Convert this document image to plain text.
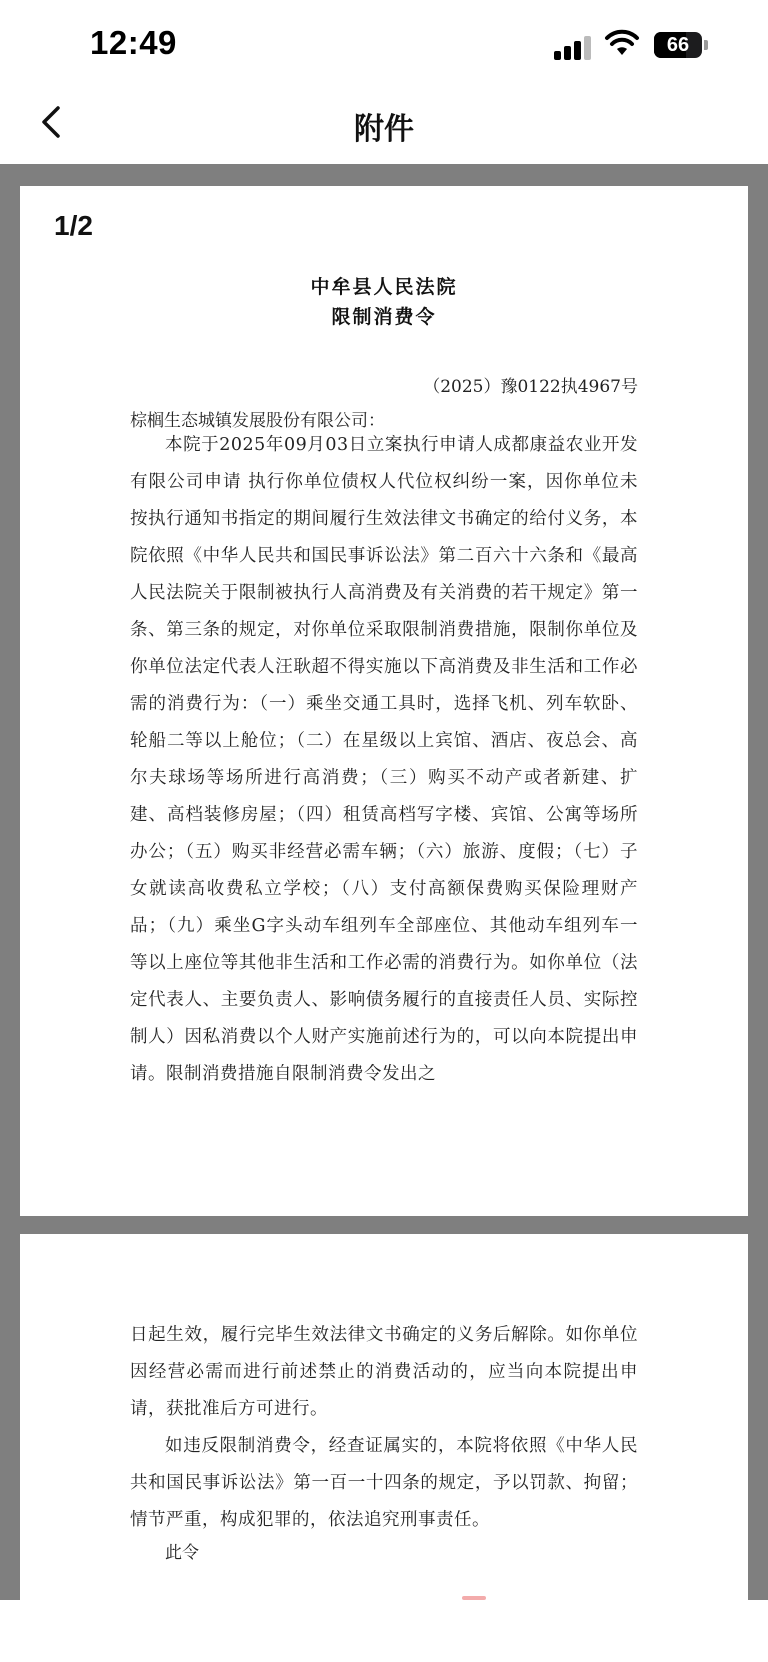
12:49	66
附件
1/2
中牟县人民法院
限制消费令
（2025）豫0122执4967号
棕榈生态城镇发展股份有限公司：

本院于2025年09月03日立案执行申请人成都康益农业开发有限公司申请 执行你单位债权人代位权纠纷一案，因你单位未按执行通知书指定的期间履行生效法律文书确定的给付义务，本院依照《中华人民共和国民事诉讼法》第二百六十六条和《最高人民法院关于限制被执行人高消费及有关消费的若干规定》第一条、第三条的规定，对你单位采取限制消费措施，限制你单位及你单位法定代表人汪耿超不得实施以下高消费及非生活和工作必需的消费行为：（一）乘坐交通工具时，选择飞机、列车软卧、轮船二等以上舱位；（二）在星级以上宾馆、酒店、夜总会、高尔夫球场等场所进行高消费；（三）购买不动产或者新建、扩建、高档装修房屋；（四）租赁高档写字楼、宾馆、公寓等场所办公；（五）购买非经营必需车辆；（六）旅游、度假；（七）子女就读高收费私立学校；（八）支付高额保费购买保险理财产品；（九）乘坐G字头动车组列车全部座位、其他动车组列车一等以上座位等其他非生活和工作必需的消费行为。如你单位（法定代表人、主要负责人、影响债务履行的直接责任人员、实际控制人）因私消费以个人财产实施前述行为的，可以向本院提出申请。限制消费措施自限制消费令发出之

日起生效，履行完毕生效法律文书确定的义务后解除。如你单位因经营必需而进行前述禁止的消费活动的，应当向本院提出申请，获批准后方可进行。

如违反限制消费令，经查证属实的，本院将依照《中华人民共和国民事诉讼法》第一百一十四条的规定，予以罚款、拘留；情节严重，构成犯罪的，依法追究刑事责任。

此令
